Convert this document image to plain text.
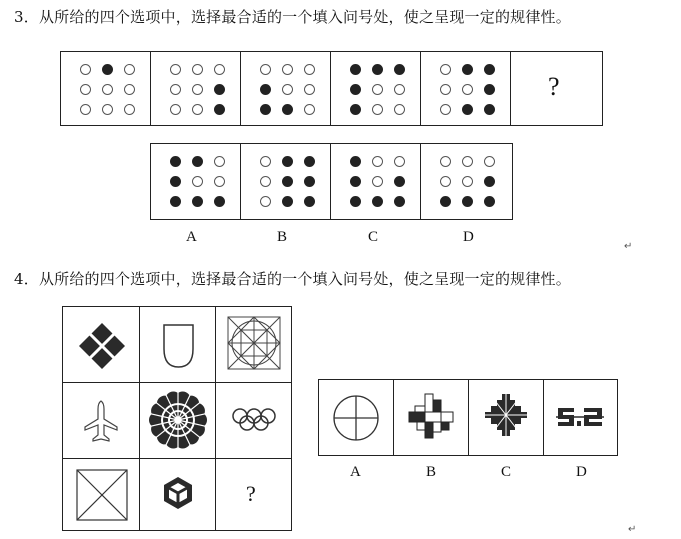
3．从所给的四个选项中，选择最合适的一个填入问号处，使之呈现一定的规律性。
?
A	B	C	D
↵
4．从所给的四个选项中，选择最合适的一个填入问号处，使之呈现一定的规律性。
?
A	B	C	D
↵
